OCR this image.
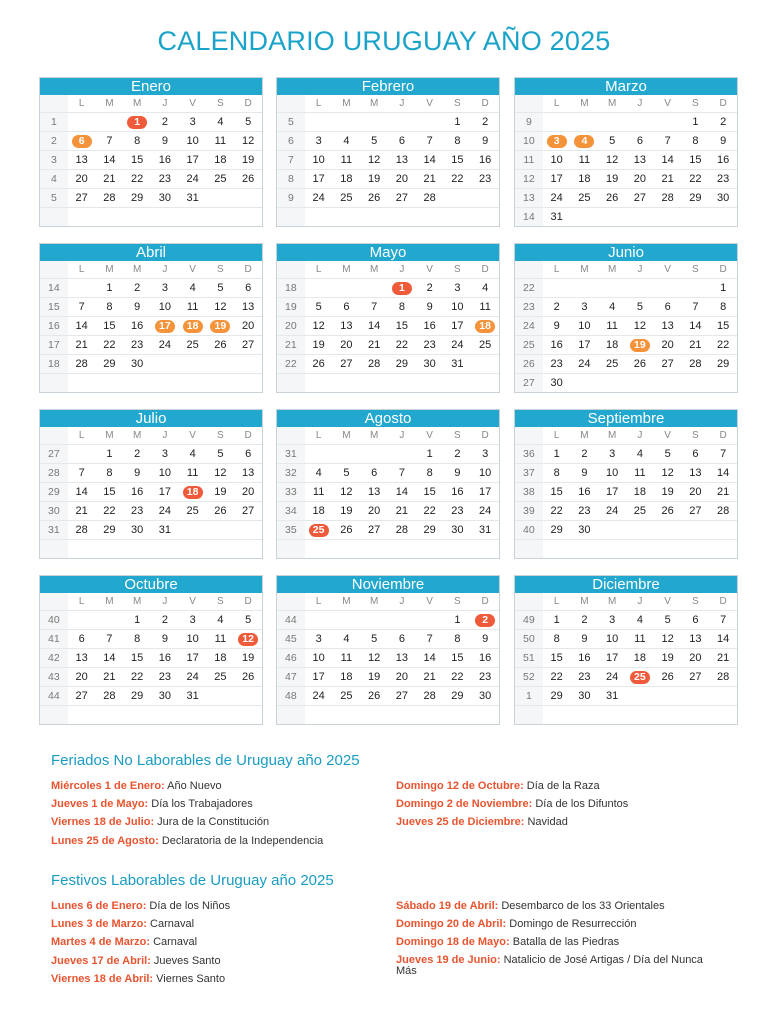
CALENDARIO URUGUAY AÑO 2025
Enero
	L	M	M	J	V	S	D
1			1	2	3	4	5
2	6	7	8	9	10	11	12
3	13	14	15	16	17	18	19
4	20	21	22	23	24	25	26
5	27	28	29	30	31		

Febrero
	L	M	M	J	V	S	D
5						1	2
6	3	4	5	6	7	8	9
7	10	11	12	13	14	15	16
8	17	18	19	20	21	22	23
9	24	25	26	27	28		

Marzo
	L	M	M	J	V	S	D
9						1	2
10	3	4	5	6	7	8	9
11	10	11	12	13	14	15	16
12	17	18	19	20	21	22	23
13	24	25	26	27	28	29	30
14	31						
Abril
	L	M	M	J	V	S	D
14		1	2	3	4	5	6
15	7	8	9	10	11	12	13
16	14	15	16	17	18	19	20
17	21	22	23	24	25	26	27
18	28	29	30				

Mayo
	L	M	M	J	V	S	D
18				1	2	3	4
19	5	6	7	8	9	10	11
20	12	13	14	15	16	17	18
21	19	20	21	22	23	24	25
22	26	27	28	29	30	31	

Junio
	L	M	M	J	V	S	D
22							1
23	2	3	4	5	6	7	8
24	9	10	11	12	13	14	15
25	16	17	18	19	20	21	22
26	23	24	25	26	27	28	29
27	30						
Julio
	L	M	M	J	V	S	D
27		1	2	3	4	5	6
28	7	8	9	10	11	12	13
29	14	15	16	17	18	19	20
30	21	22	23	24	25	26	27
31	28	29	30	31			

Agosto
	L	M	M	J	V	S	D
31					1	2	3
32	4	5	6	7	8	9	10
33	11	12	13	14	15	16	17
34	18	19	20	21	22	23	24
35	25	26	27	28	29	30	31

Septiembre
	L	M	M	J	V	S	D
36	1	2	3	4	5	6	7
37	8	9	10	11	12	13	14
38	15	16	17	18	19	20	21
39	22	23	24	25	26	27	28
40	29	30					

Octubre
	L	M	M	J	V	S	D
40			1	2	3	4	5
41	6	7	8	9	10	11	12
42	13	14	15	16	17	18	19
43	20	21	22	23	24	25	26
44	27	28	29	30	31		

Noviembre
	L	M	M	J	V	S	D
44						1	2
45	3	4	5	6	7	8	9
46	10	11	12	13	14	15	16
47	17	18	19	20	21	22	23
48	24	25	26	27	28	29	30

Diciembre
	L	M	M	J	V	S	D
49	1	2	3	4	5	6	7
50	8	9	10	11	12	13	14
51	15	16	17	18	19	20	21
52	22	23	24	25	26	27	28
1	29	30	31				

Feriados No Laborables de Uruguay año 2025
Miércoles 1 de Enero: Año Nuevo
Jueves 1 de Mayo: Día los Trabajadores
Viernes 18 de Julio: Jura de la Constitución
Lunes 25 de Agosto: Declaratoria de la Independencia
Domingo 12 de Octubre: Día de la Raza
Domingo 2 de Noviembre: Día de los Difuntos
Jueves 25 de Diciembre: Navidad
Festivos Laborables de Uruguay año 2025
Lunes 6 de Enero: Día de los Niños
Lunes 3 de Marzo: Carnaval
Martes 4 de Marzo: Carnaval
Jueves 17 de Abril: Jueves Santo
Viernes 18 de Abril: Viernes Santo
Sábado 19 de Abril: Desembarco de los 33 Orientales
Domingo 20 de Abril: Domingo de Resurrección
Domingo 18 de Mayo: Batalla de las Piedras
Jueves 19 de Junio: Natalicio de José Artigas / Día del Nunca Más
